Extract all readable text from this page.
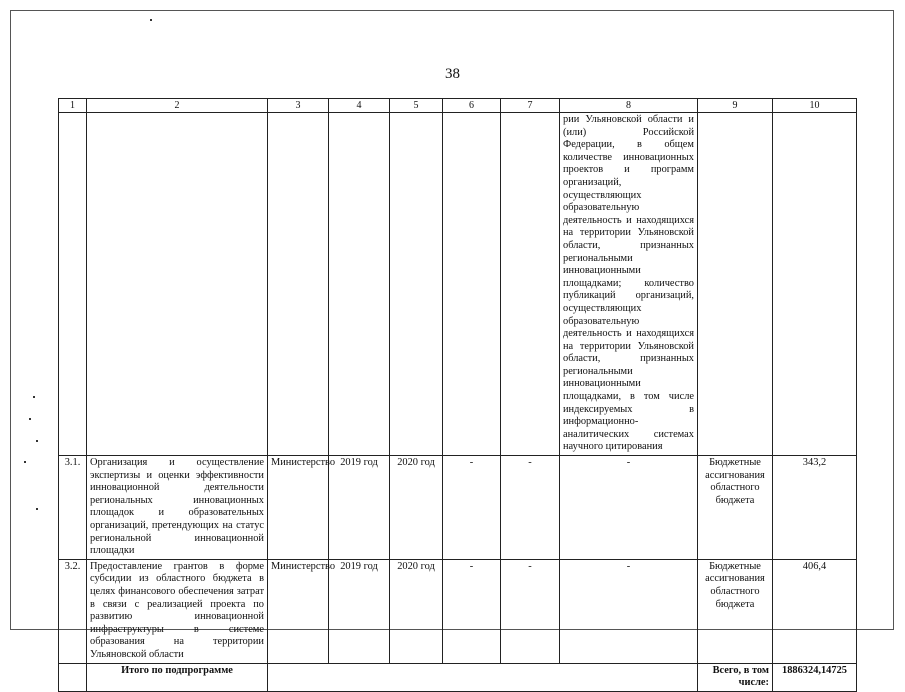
38
1	2	3	4	5	6	7	8	9	10
							рии Ульяновской области и (или) Российской Федерации, в общем количестве инновационных проектов и программ организаций, осуществляющих образовательную деятельность и находящихся на территории Ульяновской области, признанных региональными инновационными площадками; количество публикаций организаций, осуществляющих образовательную деятельность и находящихся на территории Ульяновской области, признанных региональными инновационными площадками, в том числе индексируемых в информационно-аналитических системах научного цитирования		
3.1.	Организация и осуществление экспертизы и оценки эффективности инновационной деятельности региональных инновационных площадок и образовательных организаций, претендующих на статус региональной инновационной площадки	Министерство	2019 год	2020 год	-	-	-	Бюджетные ассигнования областного бюджета	343,2
3.2.	Предоставление грантов в форме субсидии из областного бюджета в целях финансового обеспечения затрат в связи с реализацией проекта по развитию инновационной инфраструктуры в системе образования на территории Ульяновской области	Министерство	2019 год	2020 год	-	-	-	Бюджетные ассигнования областного бюджета	406,4
	Итого по подпрограмме							Всего, в том числе:	1886324,14725
